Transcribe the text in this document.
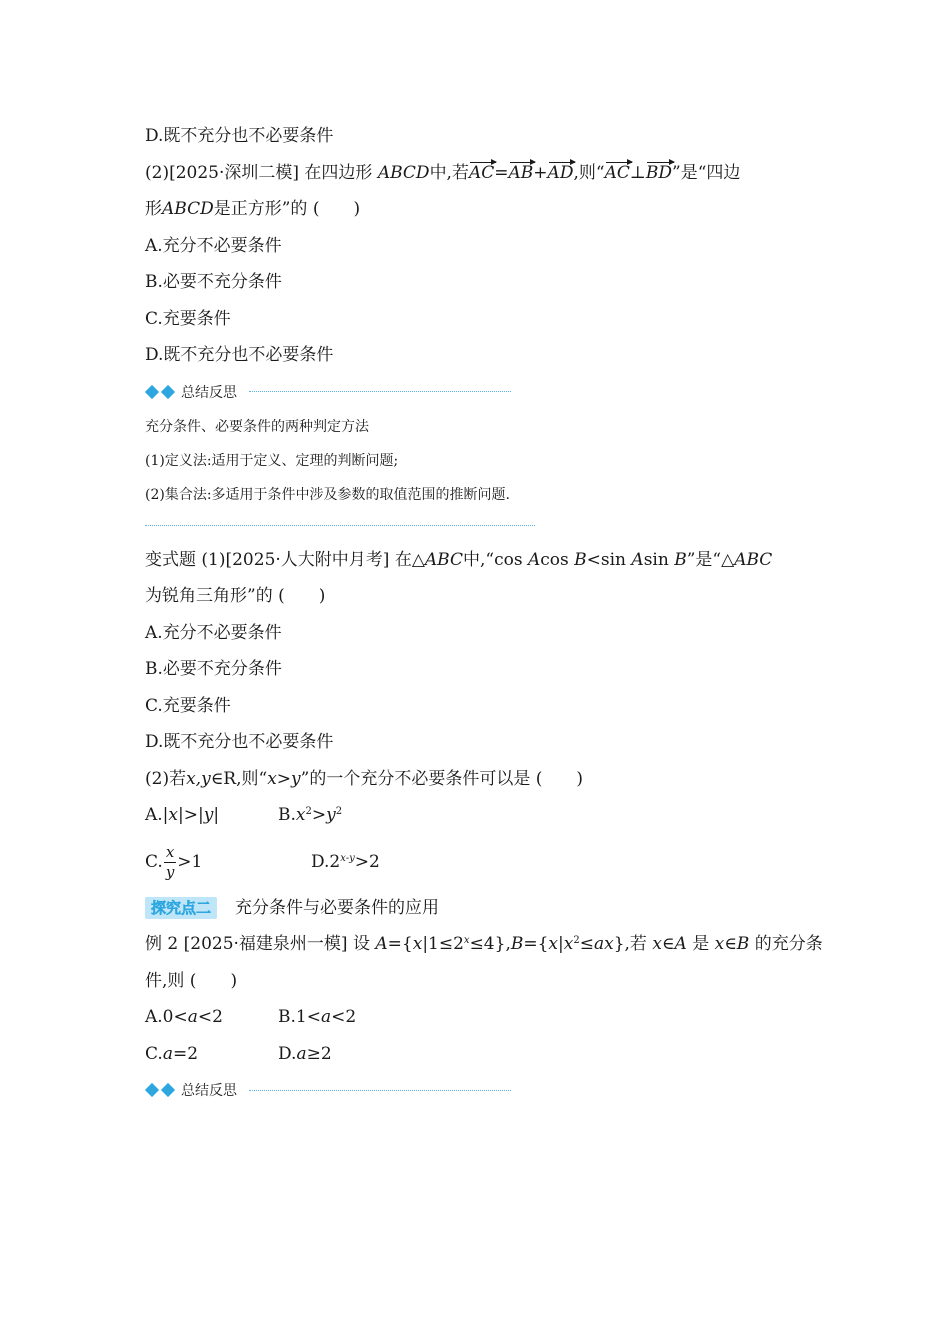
D.既不充分也不必要条件
(2)[2025·深圳二模] 在四边形 ABCD中,若AC=AB+AD,则“AC⊥BD”是“四边
形ABCD是正方形”的 ( )
A.充分不必要条件
B.必要不充分条件
C.充要条件
D.既不充分也不必要条件
总结反思
充分条件、必要条件的两种判定方法
(1)定义法:适用于定义、定理的判断问题;
(2)集合法:多适用于条件中涉及参数的取值范围的推断问题.
变式题 (1)[2025·人大附中月考] 在△ABC中,“cos Acos B<sin Asin B”是“△ABC
为锐角三角形”的 ( )
A.充分不必要条件
B.必要不充分条件
C.充要条件
D.既不充分也不必要条件
(2)若x,y∈R,则“x>y”的一个充分不必要条件可以是 ( )
A.|x|>|y|	$B.x^2>y^2$
C. $\frac{x}{y} >1$	$D.2^{x-y}>2$
探究点二 充分条件与必要条件的应用
例 2 [2025·福建泉州一模] 设 $A=\{x|1\le 2^x\le 4\},B=\{x|x^2\le ax\}$,若 x∈A 是 x∈B 的充分条
件,则 ( )
A.0<a<2	B.1<a<2
C.a=2	D.a≥2
总结反思
